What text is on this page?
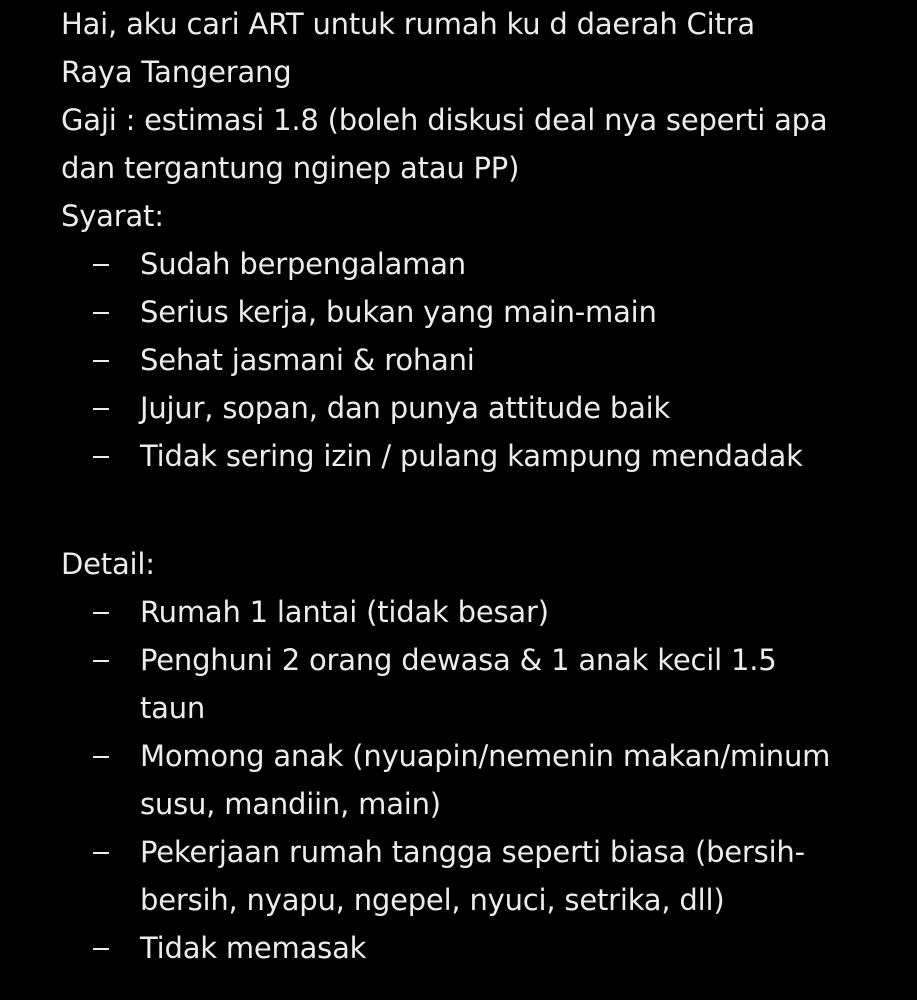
Hai, aku cari ART untuk rumah ku d daerah Citra
Raya Tangerang
Gaji : estimasi 1.8 (boleh diskusi deal nya seperti apa
dan tergantung nginep atau PP)
Syarat:
Sudah berpengalaman
Serius kerja, bukan yang main-main
Sehat jasmani & rohani
Jujur, sopan, dan punya attitude baik
Tidak sering izin / pulang kampung mendadak
Detail:
Rumah 1 lantai (tidak besar)
Penghuni 2 orang dewasa & 1 anak kecil 1.5
taun
Momong anak (nyuapin/nemenin makan/minum
susu, mandiin, main)
Pekerjaan rumah tangga seperti biasa (bersih-
bersih, nyapu, ngepel, nyuci, setrika, dll)
Tidak memasak
